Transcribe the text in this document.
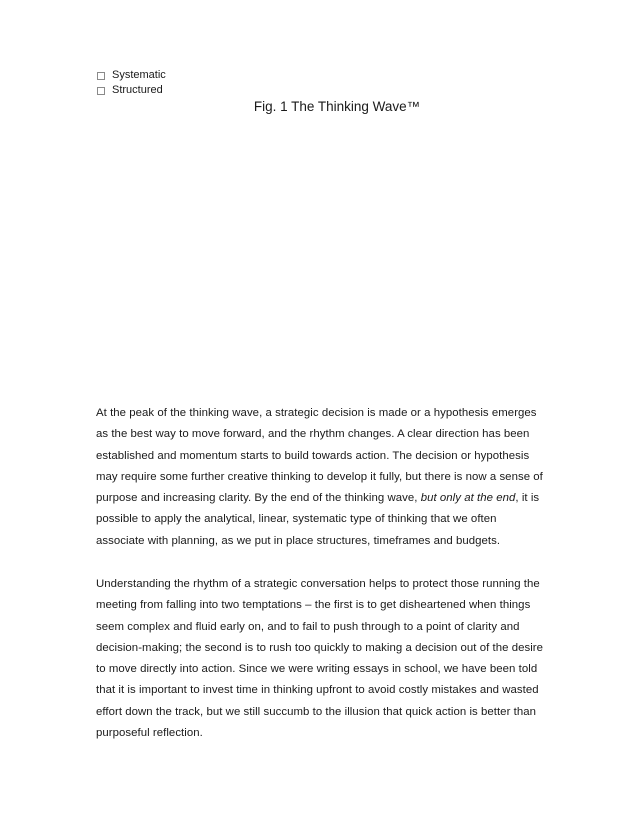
Systematic
Structured

Fig. 1 The Thinking Wave™

At the peak of the thinking wave, a strategic decision is made or a hypothesis emerges as the best way to move forward, and the rhythm changes. A clear direction has been established and momentum starts to build towards action. The decision or hypothesis may require some further creative thinking to develop it fully, but there is now a sense of purpose and increasing clarity. By the end of the thinking wave, but only at the end, it is possible to apply the analytical, linear, systematic type of thinking that we often associate with planning, as we put in place structures, timeframes and budgets.

Understanding the rhythm of a strategic conversation helps to protect those running the meeting from falling into two temptations – the first is to get disheartened when things seem complex and fluid early on, and to fail to push through to a point of clarity and decision-making; the second is to rush too quickly to making a decision out of the desire to move directly into action. Since we were writing essays in school, we have been told that it is important to invest time in thinking upfront to avoid costly mistakes and wasted effort down the track, but we still succumb to the illusion that quick action is better than purposeful reflection.
